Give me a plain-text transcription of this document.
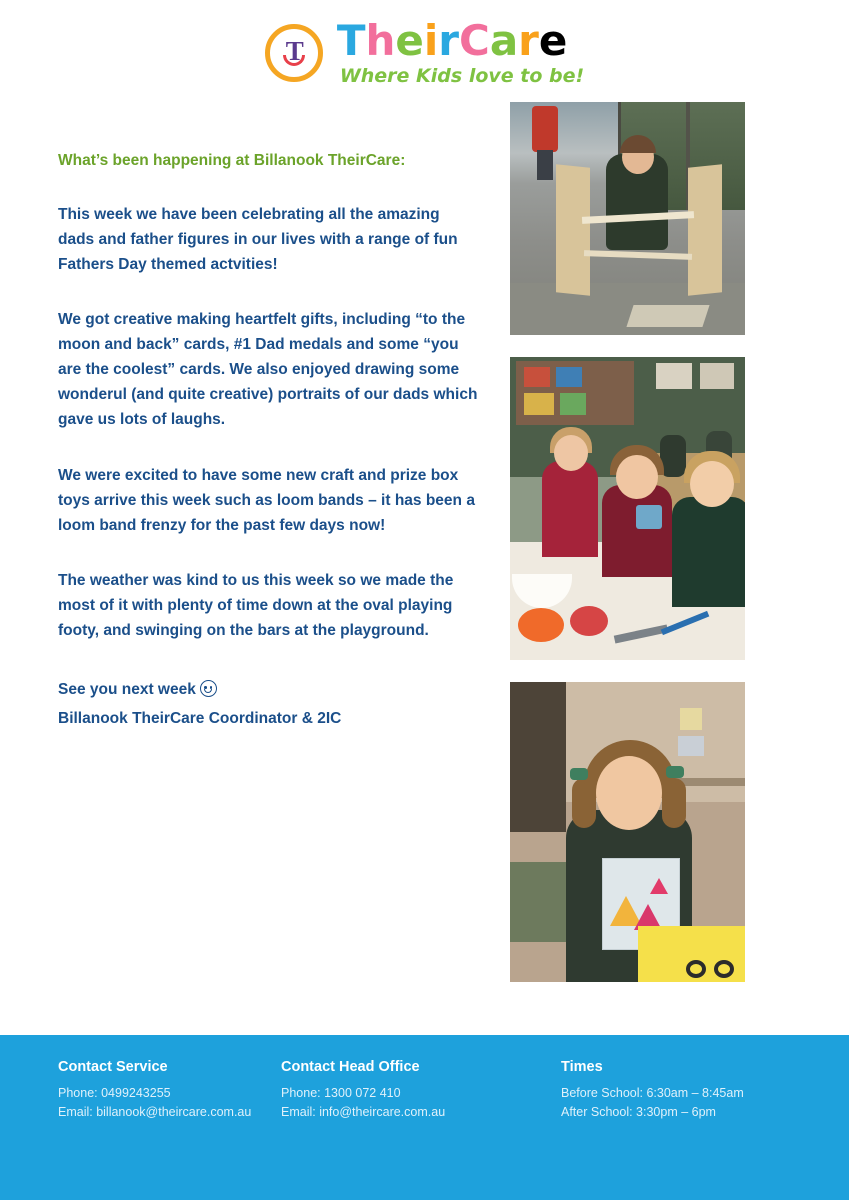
T TheirCare
Where Kids love to be!
What’s been happening at Billanook TheirCare:
This week we have been celebrating all the amazing dads and father figures in our lives with a range of fun Fathers Day themed actvities!
We got creative making heartfelt gifts, including “to the moon and back” cards, #1 Dad medals and some “you are the coolest” cards. We also enjoyed drawing some wonderul (and quite creative) portraits of our dads which gave us lots of laughs.
We were excited to have some new craft and prize box toys arrive this week such as loom bands – it has been a loom band frenzy for the past few days now!
The weather was kind to us this week so we made the most of it with plenty of time down at the oval playing footy, and swinging on the bars at the playground.
See you next week
Billanook TheirCare Coordinator & 2IC
Contact Service
Phone: 0499243255
Email: billanook@theircare.com.au
Contact Head Office
Phone: 1300 072 410
Email: info@theircare.com.au
Times
Before School: 6:30am – 8:45am
After School: 3:30pm – 6pm
